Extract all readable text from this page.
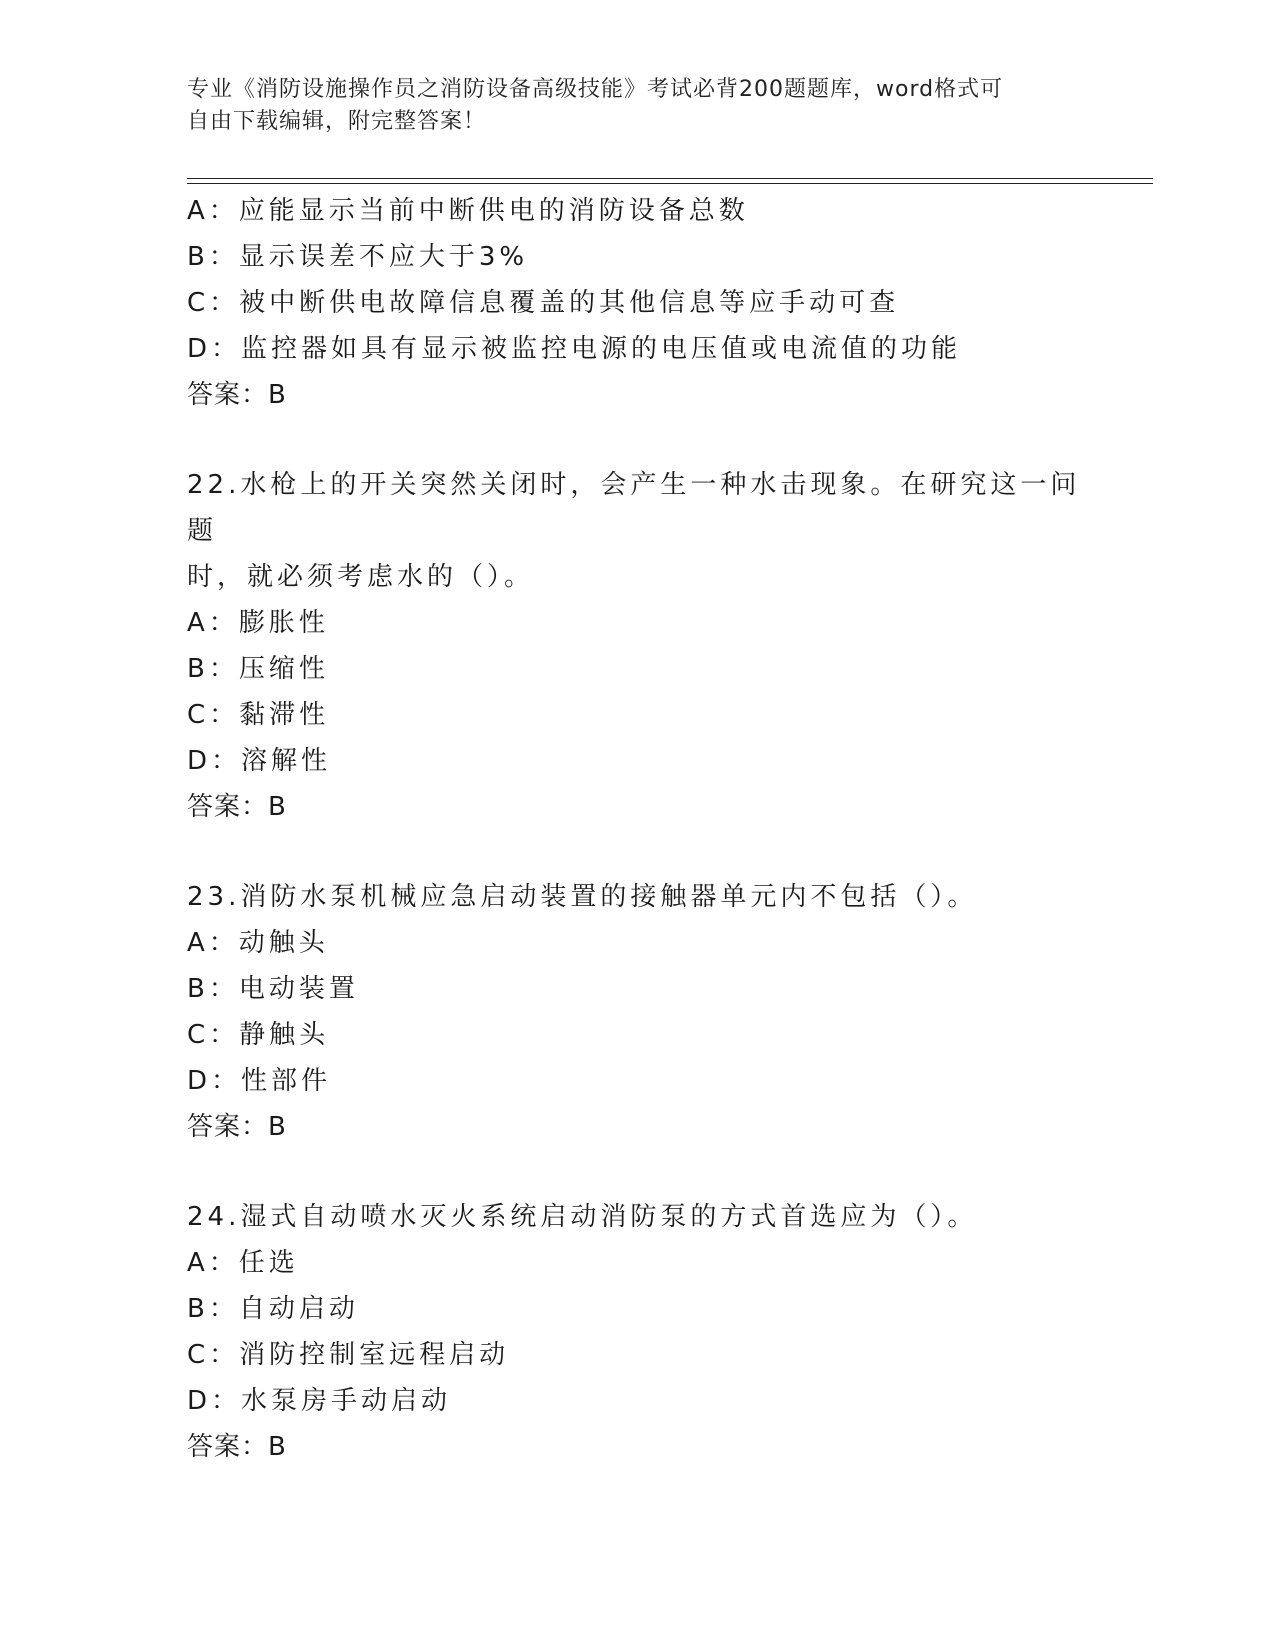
专业《消防设施操作员之消防设备高级技能》考试必背200题题库，word格式可
自由下载编辑，附完整答案！
A：应能显示当前中断供电的消防设备总数
B：显示误差不应大于3%
C：被中断供电故障信息覆盖的其他信息等应手动可查
D：监控器如具有显示被监控电源的电压值或电流值的功能
答案：B
22.水枪上的开关突然关闭时，会产生一种水击现象。在研究这一问题
时，就必须考虑水的（）。
A：膨胀性
B：压缩性
C：黏滞性
D：溶解性
答案：B
23.消防水泵机械应急启动装置的接触器单元内不包括（）。
A：动触头
B：电动装置
C：静触头
D：性部件
答案：B
24.湿式自动喷水灭火系统启动消防泵的方式首选应为（）。
A：任选
B：自动启动
C：消防控制室远程启动
D：水泵房手动启动
答案：B
